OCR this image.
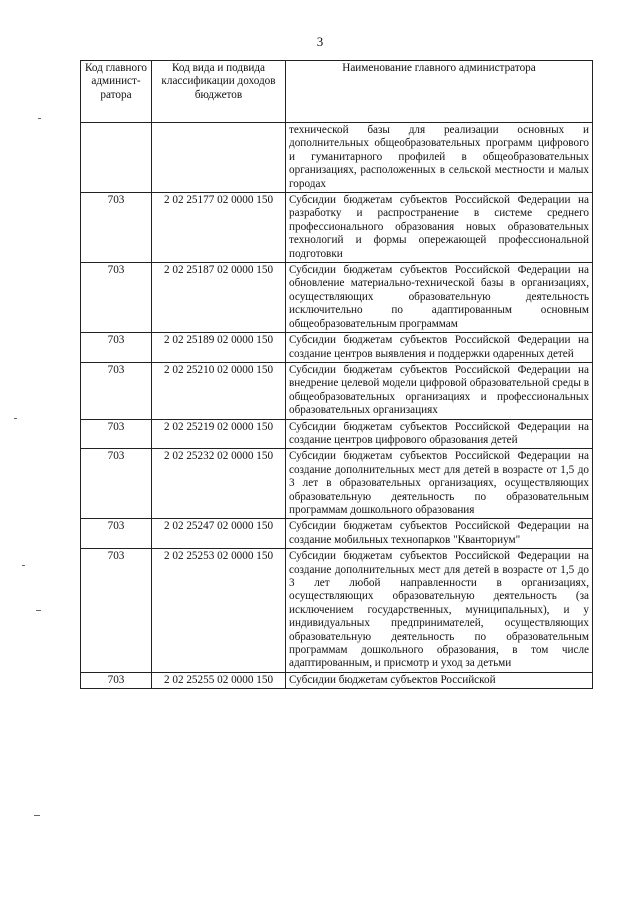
3
Код главного админист-ратора	Код вида и подвида классификации доходов бюджетов	Наименование главного администратора
		технической базы для реализации основных и дополнительных общеобразовательных программ цифрового и гуманитарного профилей в общеобразовательных организациях, расположенных в сельской местности и малых городах
703	2 02 25177 02 0000 150	Субсидии бюджетам субъектов Российской Федерации на разработку и распространение в системе среднего профессионального образования новых образовательных технологий и формы опережающей профессиональной подготовки
703	2 02 25187 02 0000 150	Субсидии бюджетам субъектов Российской Федерации на обновление материально-технической базы в организациях, осуществляющих образовательную деятельность исключительно по адаптированным основным общеобразовательным программам
703	2 02 25189 02 0000 150	Субсидии бюджетам субъектов Российской Федерации на создание центров выявления и поддержки одаренных детей
703	2 02 25210 02 0000 150	Субсидии бюджетам субъектов Российской Федерации на внедрение целевой модели цифровой образовательной среды в общеобразовательных организациях и профессиональных образовательных организациях
703	2 02 25219 02 0000 150	Субсидии бюджетам субъектов Российской Федерации на создание центров цифрового образования детей
703	2 02 25232 02 0000 150	Субсидии бюджетам субъектов Российской Федерации на создание дополнительных мест для детей в возрасте от 1,5 до 3 лет в образовательных организациях, осуществляющих образовательную деятельность по образовательным программам дошкольного образования
703	2 02 25247 02 0000 150	Субсидии бюджетам субъектов Российской Федерации на создание мобильных технопарков "Кванториум"
703	2 02 25253 02 0000 150	Субсидии бюджетам субъектов Российской Федерации на создание дополнительных мест для детей в возрасте от 1,5 до 3 лет любой направленности в организациях, осуществляющих образовательную деятельность (за исключением государственных, муниципальных), и у индивидуальных предпринимателей, осуществляющих образовательную деятельность по образовательным программам дошкольного образования, в том числе адаптированным, и присмотр и уход за детьми
703	2 02 25255 02 0000 150	Субсидии бюджетам субъектов Российской
